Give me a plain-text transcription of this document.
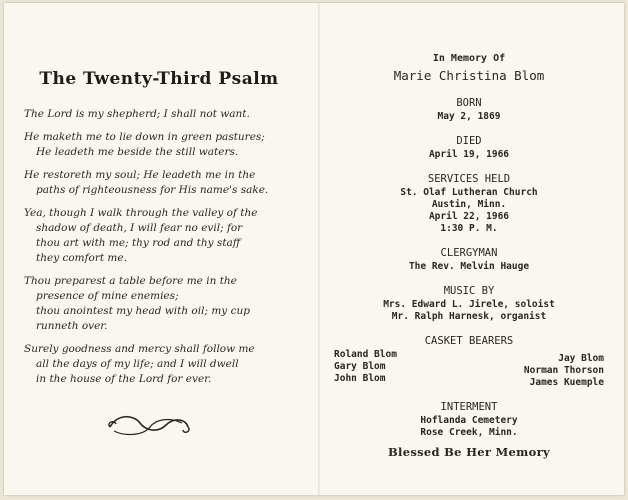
The Twenty-Third Psalm

The Lord is my shepherd; I shall not want.

He maketh me to lie down in green pastures;
He leadeth me beside the still waters.

He restoreth my soul; He leadeth me in the
paths of righteousness for His name's sake.

Yea, though I walk through the valley of the
shadow of death, I will fear no evil; for
thou art with me; thy rod and thy staff
they comfort me.

Thou preparest a table before me in the
presence of mine enemies;
thou anointest my head with oil; my cup
runneth over.

Surely goodness and mercy shall follow me
all the days of my life; and I will dwell
in the house of the Lord for ever.

In Memory Of

Marie Christina Blom

BORN

May 2, 1869

DIED

April 19, 1966

SERVICES HELD

St. Olaf Lutheran Church

Austin, Minn.

April 22, 1966

1:30 P. M.

CLERGYMAN

The Rev. Melvin Hauge

MUSIC BY

Mrs. Edward L. Jirele, soloist

Mr. Ralph Harnesk, organist

CASKET BEARERS

Roland Blom
Gary Blom
John Blom
Jay Blom
Norman Thorson
James Kuemple

INTERMENT

Hoflanda Cemetery

Rose Creek, Minn.

Blessed Be Her Memory
